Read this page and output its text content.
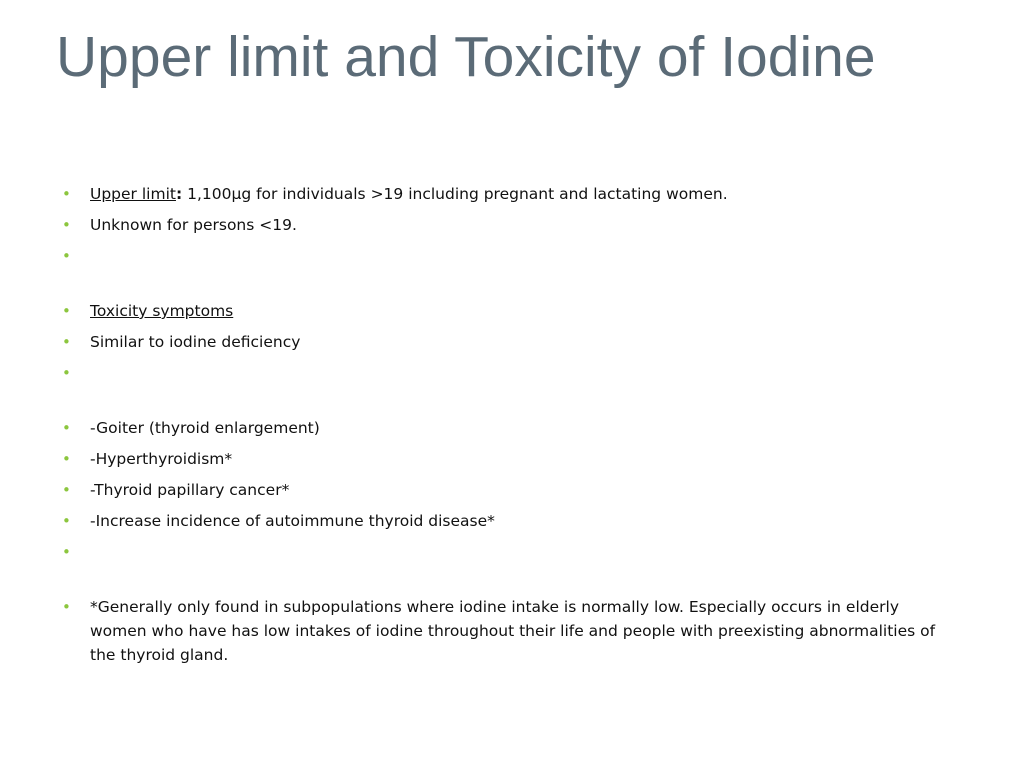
Upper limit and Toxicity of Iodine
• Upper limit: 1,100µg for individuals >19 including pregnant and lactating women.
• Unknown for persons <19.
•
• Toxicity symptoms
• Similar to iodine deficiency
•
• -Goiter (thyroid enlargement)
• -Hyperthyroidism*
• -Thyroid papillary cancer*
• -Increase incidence of autoimmune thyroid disease*
•
• *Generally only found in subpopulations where iodine intake is normally low. Especially occurs in elderly women who have has low intakes of iodine throughout their life and people with preexisting abnormalities of the thyroid gland.
